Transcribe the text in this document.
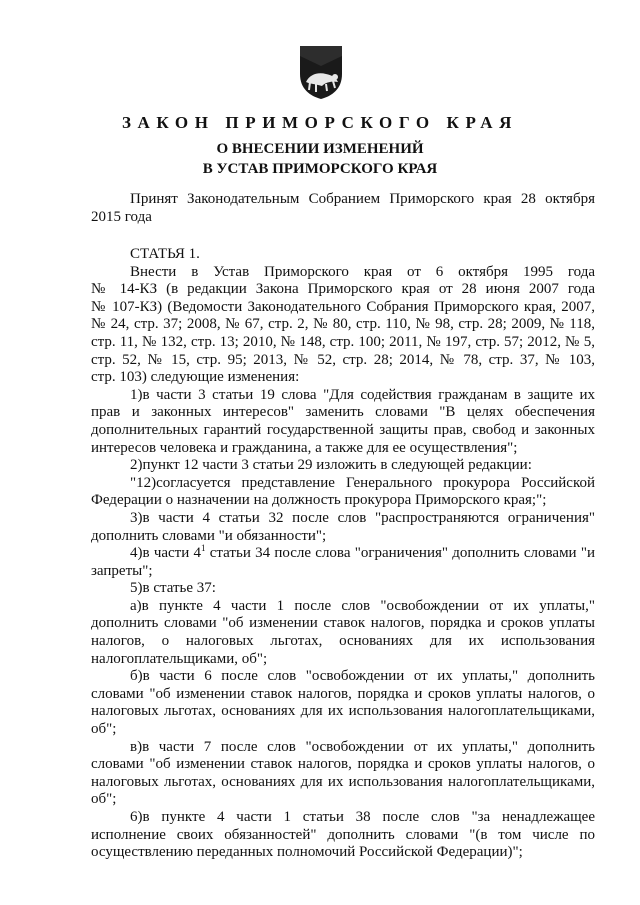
ЗАКОН ПРИМОРСКОГО КРАЯ
О ВНЕСЕНИИ ИЗМЕНЕНИЙ
В УСТАВ ПРИМОРСКОГО КРАЯ
Принят Законодательным Собранием Приморского края 28 октября
2015 года
СТАТЬЯ 1.
Внести в Устав Приморского края от 6 октября 1995 года
№ 14-КЗ (в редакции Закона Приморского края от 28 июня 2007 года
№ 107-КЗ) (Ведомости Законодательного Собрания Приморского края, 2007,
№ 24, стр. 37; 2008, № 67, стр. 2, № 80, стр. 110, № 98, стр. 28; 2009, № 118,
стр. 11, № 132, стр. 13; 2010, № 148, стр. 100; 2011, № 197, стр. 57; 2012, № 5,
стр. 52, № 15, стр. 95; 2013, № 52, стр. 28; 2014, № 78, стр. 37, № 103,
стр. 103) следующие изменения:
1)в части 3 статьи 19 слова "Для содействия гражданам в защите их
прав и законных интересов" заменить словами "В целях обеспечения
дополнительных гарантий государственной защиты прав, свобод и законных
интересов человека и гражданина, а также для ее осуществления";
2)пункт 12 части 3 статьи 29 изложить в следующей редакции:
"12)согласуется представление Генерального прокурора Российской
Федерации о назначении на должность прокурора Приморского края;";
3)в части 4 статьи 32 после слов "распространяются ограничения"
дополнить словами "и обязанности";
4)в части $4^1$ статьи 34 после слова "ограничения" дополнить словами "и
запреты";
5)в статье 37:
а)в пункте 4 части 1 после слов "освобождении от их уплаты,"
дополнить словами "об изменении ставок налогов, порядка и сроков уплаты
налогов, о налоговых льготах, основаниях для их использования
налогоплательщиками, об";
б)в части 6 после слов "освобождении от их уплаты," дополнить
словами "об изменении ставок налогов, порядка и сроков уплаты налогов, о
налоговых льготах, основаниях для их использования налогоплательщиками,
об";
в)в части 7 после слов "освобождении от их уплаты," дополнить
словами "об изменении ставок налогов, порядка и сроков уплаты налогов, о
налоговых льготах, основаниях для их использования налогоплательщиками,
об";
6)в пункте 4 части 1 статьи 38 после слов "за ненадлежащее
исполнение своих обязанностей" дополнить словами "(в том числе по
осуществлению переданных полномочий Российской Федерации)";
